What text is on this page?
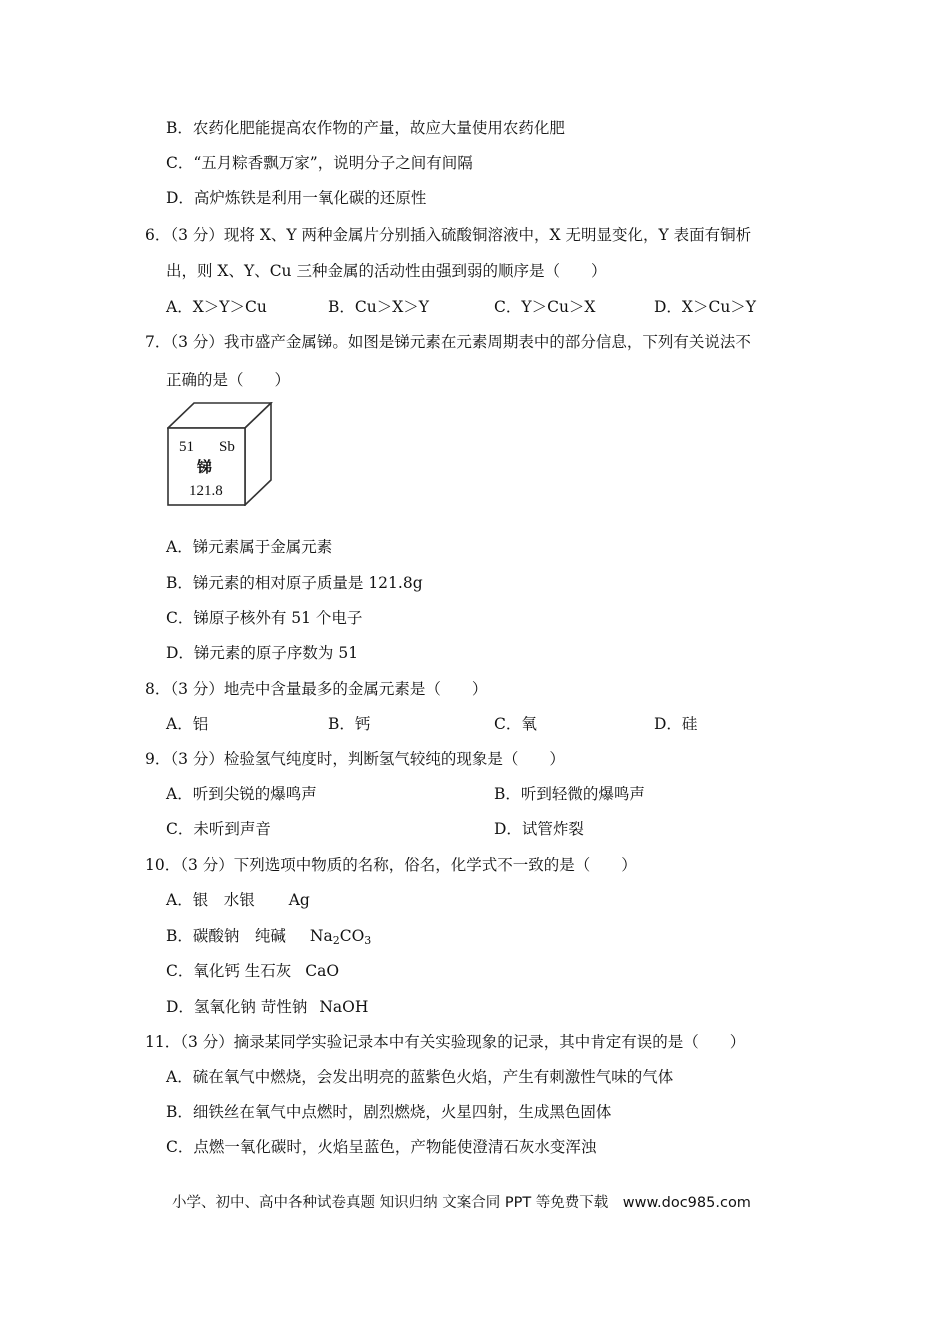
B．农药化肥能提高农作物的产量，故应大量使用农药化肥
C．“五月粽香飘万家”，说明分子之间有间隔
D．高炉炼铁是利用一氧化碳的还原性
6．（3 分）现将 X、Y 两种金属片分别插入硫酸铜溶液中，X 无明显变化，Y 表面有铜析
出，则 X、Y、Cu 三种金属的活动性由强到弱的顺序是（　　）
A．X＞Y＞Cu	B．Cu＞X＞Y	C．Y＞Cu＞X	D．X＞Cu＞Y
7．（3 分）我市盛产金属锑。如图是锑元素在元素周期表中的部分信息，下列有关说法不
正确的是（　　）
51 Sb
锑
121.8
A．锑元素属于金属元素
B．锑元素的相对原子质量是 121.8g
C．锑原子核外有 51 个电子
D．锑元素的原子序数为 51
8．（3 分）地壳中含量最多的金属元素是（　　）
A．铝	B．钙	C．氧	D．硅
9．（3 分）检验氢气纯度时，判断氢气较纯的现象是（　　）
A．听到尖锐的爆鸣声	B．听到轻微的爆鸣声
C．未听到声音	D．试管炸裂
10．（3 分）下列选项中物质的名称，俗名，化学式不一致的是（　　）
A．银　水银 Ag
B．碳酸钠　纯碱 $Na_2CO_3$
C．氧化钙 生石灰 CaO
D．氢氧化钠 苛性钠 NaOH
11．（3 分）摘录某同学实验记录本中有关实验现象的记录，其中肯定有误的是（　　）
A．硫在氧气中燃烧，会发出明亮的蓝紫色火焰，产生有刺激性气味的气体
B．细铁丝在氧气中点燃时，剧烈燃烧，火星四射，生成黑色固体
C．点燃一氧化碳时，火焰呈蓝色，产物能使澄清石灰水变浑浊
小学、初中、高中各种试卷真题 知识归纳 文案合同 PPT 等免费下载　www.doc985.com
